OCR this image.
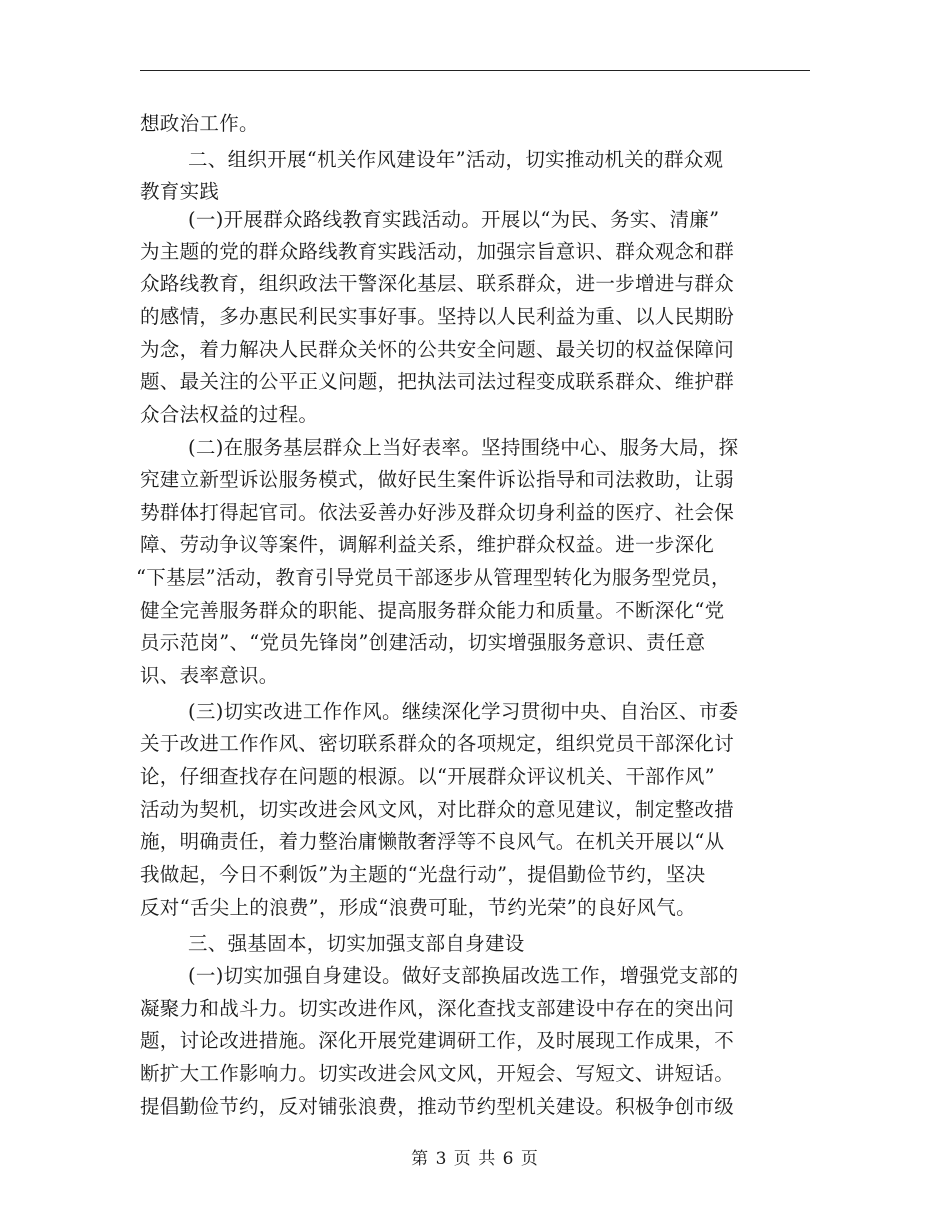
想政治工作。
二、组织开展“机关作风建设年”活动，切实推动机关的群众观
教育实践
(一)开展群众路线教育实践活动。开展以“为民、务实、清廉”
为主题的党的群众路线教育实践活动，加强宗旨意识、群众观念和群
众路线教育，组织政法干警深化基层、联系群众，进一步增进与群众
的感情，多办惠民利民实事好事。坚持以人民利益为重、以人民期盼
为念，着力解决人民群众关怀的公共安全问题、最关切的权益保障问
题、最关注的公平正义问题，把执法司法过程变成联系群众、维护群
众合法权益的过程。
(二)在服务基层群众上当好表率。坚持围绕中心、服务大局，探
究建立新型诉讼服务模式，做好民生案件诉讼指导和司法救助，让弱
势群体打得起官司。依法妥善办好涉及群众切身利益的医疗、社会保
障、劳动争议等案件，调解利益关系，维护群众权益。进一步深化
“下基层”活动，教育引导党员干部逐步从管理型转化为服务型党员，
健全完善服务群众的职能、提高服务群众能力和质量。不断深化“党
员示范岗”、“党员先锋岗”创建活动，切实增强服务意识、责任意
识、表率意识。
(三)切实改进工作作风。继续深化学习贯彻中央、自治区、市委
关于改进工作作风、密切联系群众的各项规定，组织党员干部深化讨
论，仔细查找存在问题的根源。以“开展群众评议机关、干部作风”
活动为契机，切实改进会风文风，对比群众的意见建议，制定整改措
施，明确责任，着力整治庸懒散奢浮等不良风气。在机关开展以“从
我做起，今日不剩饭”为主题的“光盘行动”，提倡勤俭节约，坚决
反对“舌尖上的浪费”，形成“浪费可耻，节约光荣”的良好风气。
三、强基固本，切实加强支部自身建设
(一)切实加强自身建设。做好支部换届改选工作，增强党支部的
凝聚力和战斗力。切实改进作风，深化查找支部建设中存在的突出问
题，讨论改进措施。深化开展党建调研工作，及时展现工作成果，不
断扩大工作影响力。切实改进会风文风，开短会、写短文、讲短话。
提倡勤俭节约，反对铺张浪费，推动节约型机关建设。积极争创市级
第 3 页 共 6 页
